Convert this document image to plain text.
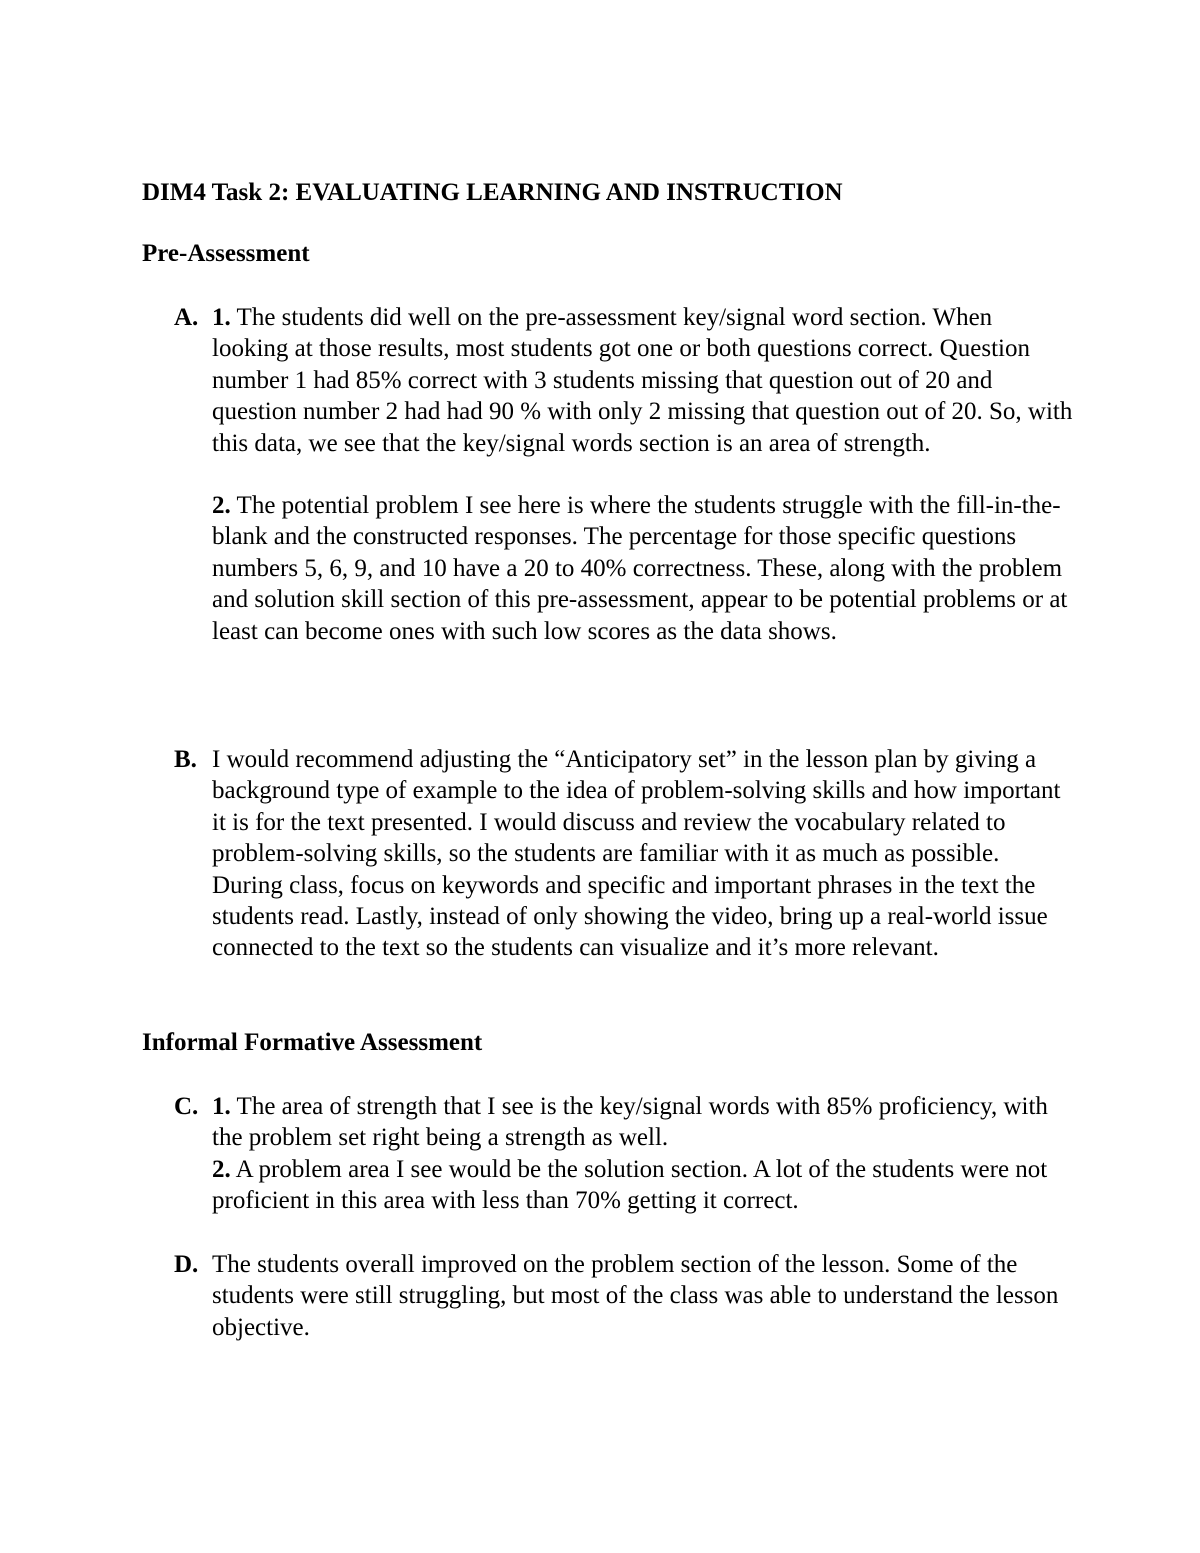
DIM4 Task 2: EVALUATING LEARNING AND INSTRUCTION
Pre-Assessment
A. 1. The students did well on the pre-assessment key/signal word section. When looking at those results, most students got one or both questions correct. Question number 1 had 85% correct with 3 students missing that question out of 20 and question number 2 had had 90 % with only 2 missing that question out of 20. So, with this data, we see that the key/signal words section is an area of strength.

2. The potential problem I see here is where the students struggle with the fill-in-the-blank and the constructed responses. The percentage for those specific questions numbers 5, 6, 9, and 10 have a 20 to 40% correctness. These, along with the problem and solution skill section of this pre-assessment, appear to be potential problems or at least can become ones with such low scores as the data shows.

B. I would recommend adjusting the “Anticipatory set” in the lesson plan by giving a background type of example to the idea of problem-solving skills and how important it is for the text presented. I would discuss and review the vocabulary related to problem-solving skills, so the students are familiar with it as much as possible. During class, focus on keywords and specific and important phrases in the text the students read. Lastly, instead of only showing the video, bring up a real-world issue connected to the text so the students can visualize and it’s more relevant.

Informal Formative Assessment
C. 1. The area of strength that I see is the key/signal words with 85% proficiency, with the problem set right being a strength as well.

2. A problem area I see would be the solution section. A lot of the students were not proficient in this area with less than 70% getting it correct.

D. The students overall improved on the problem section of the lesson. Some of the students were still struggling, but most of the class was able to understand the lesson objective.
